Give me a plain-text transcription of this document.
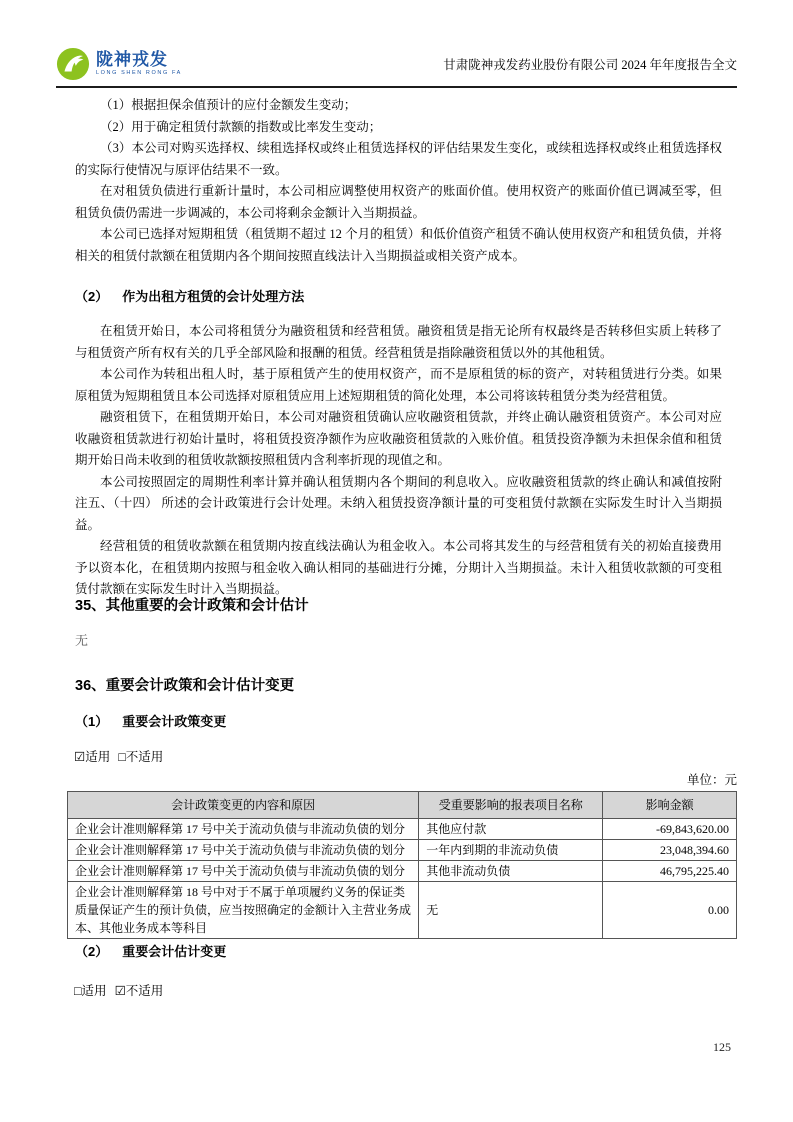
陇神戎发
LONG SHEN RONG FA
甘肃陇神戎发药业股份有限公司 2024 年年度报告全文

（1）根据担保余值预计的应付金额发生变动；

（2）用于确定租赁付款额的指数或比率发生变动；

（3）本公司对购买选择权、续租选择权或终止租赁选择权的评估结果发生变化，或续租选择权或终止租赁选择权的实际行使情况与原评估结果不一致。

在对租赁负债进行重新计量时，本公司相应调整使用权资产的账面价值。使用权资产的账面价值已调减至零，但租赁负债仍需进一步调减的，本公司将剩余金额计入当期损益。

本公司已选择对短期租赁（租赁期不超过 12 个月的租赁）和低价值资产租赁不确认使用权资产和租赁负债，并将相关的租赁付款额在租赁期内各个期间按照直线法计入当期损益或相关资产成本。

（2） 作为出租方租赁的会计处理方法

在租赁开始日，本公司将租赁分为融资租赁和经营租赁。融资租赁是指无论所有权最终是否转移但实质上转移了与租赁资产所有权有关的几乎全部风险和报酬的租赁。经营租赁是指除融资租赁以外的其他租赁。

本公司作为转租出租人时，基于原租赁产生的使用权资产，而不是原租赁的标的资产，对转租赁进行分类。如果原租赁为短期租赁且本公司选择对原租赁应用上述短期租赁的简化处理，本公司将该转租赁分类为经营租赁。

融资租赁下，在租赁期开始日，本公司对融资租赁确认应收融资租赁款，并终止确认融资租赁资产。本公司对应收融资租赁款进行初始计量时，将租赁投资净额作为应收融资租赁款的入账价值。租赁投资净额为未担保余值和租赁期开始日尚未收到的租赁收款额按照租赁内含利率折现的现值之和。

本公司按照固定的周期性利率计算并确认租赁期内各个期间的利息收入。应收融资租赁款的终止确认和减值按附注五、（十四） 所述的会计政策进行会计处理。未纳入租赁投资净额计量的可变租赁付款额在实际发生时计入当期损益。

经营租赁的租赁收款额在租赁期内按直线法确认为租金收入。本公司将其发生的与经营租赁有关的初始直接费用予以资本化，在租赁期内按照与租金收入确认相同的基础进行分摊，分期计入当期损益。未计入租赁收款额的可变租赁付款额在实际发生时计入当期损益。

35、其他重要的会计政策和会计估计
无
36、重要会计政策和会计估计变更
（1） 重要会计政策变更
☑适用 □不适用
单位：元
会计政策变更的内容和原因	受重要影响的报表项目名称	影响金额
企业会计准则解释第 17 号中关于流动负债与非流动负债的划分	其他应付款	-69,843,620.00
企业会计准则解释第 17 号中关于流动负债与非流动负债的划分	一年内到期的非流动负债	23,048,394.60
企业会计准则解释第 17 号中关于流动负债与非流动负债的划分	其他非流动负债	46,795,225.40
企业会计准则解释第 18 号中对于不属于单项履约义务的保证类质量保证产生的预计负债，应当按照确定的金额计入主营业务成本、其他业务成本等科目	无	0.00
（2） 重要会计估计变更
□适用 ☑不适用
125
